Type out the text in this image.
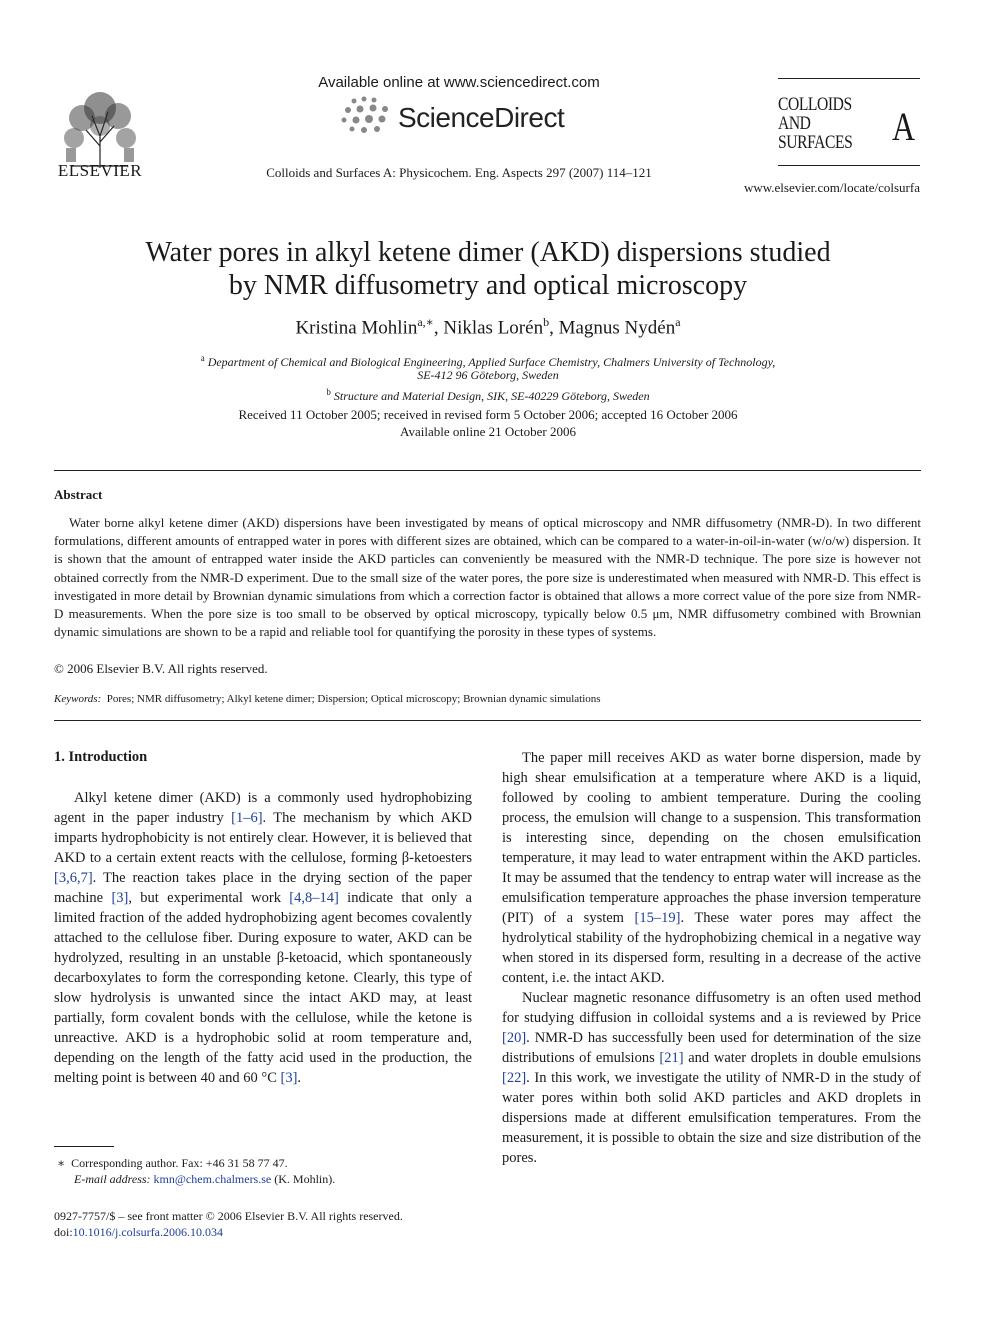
ELSEVIER
Available online at www.sciencedirect.com
ScienceDirect
Colloids and Surfaces A: Physicochem. Eng. Aspects 297 (2007) 114–121
COLLOIDS
AND
SURFACES A
www.elsevier.com/locate/colsurfa
Water pores in alkyl ketene dimer (AKD) dispersions studied
by NMR diffusometry and optical microscopy
Kristina Mohlin$^{a,∗}$, Niklas Lorén$^b$, Magnus Nydén$^a$
$^a$ Department of Chemical and Biological Engineering, Applied Surface Chemistry, Chalmers University of Technology,
SE-412 96 Göteborg, Sweden
$^b$ Structure and Material Design, SIK, SE-40229 Göteborg, Sweden
Received 11 October 2005; received in revised form 5 October 2006; accepted 16 October 2006
Available online 21 October 2006
Abstract
Water borne alkyl ketene dimer (AKD) dispersions have been investigated by means of optical microscopy and NMR diffusometry (NMR-D). In two different formulations, different amounts of entrapped water in pores with different sizes are obtained, which can be compared to a water-in-oil-in-water (w/o/w) dispersion. It is shown that the amount of entrapped water inside the AKD particles can conveniently be measured with the NMR-D technique. The pore size is however not obtained correctly from the NMR-D experiment. Due to the small size of the water pores, the pore size is underestimated when measured with NMR-D. This effect is investigated in more detail by Brownian dynamic simulations from which a correction factor is obtained that allows a more correct value of the pore size from NMR-D measurements. When the pore size is too small to be observed by optical microscopy, typically below 0.5 μm, NMR diffusometry combined with Brownian dynamic simulations are shown to be a rapid and reliable tool for quantifying the porosity in these types of systems.
© 2006 Elsevier B.V. All rights reserved.
Keywords: Pores; NMR diffusometry; Alkyl ketene dimer; Dispersion; Optical microscopy; Brownian dynamic simulations
1. Introduction

Alkyl ketene dimer (AKD) is a commonly used hydrophobizing agent in the paper industry [1–6]. The mechanism by which AKD imparts hydrophobicity is not entirely clear. However, it is believed that AKD to a certain extent reacts with the cellulose, forming β-ketoesters [3,6,7]. The reaction takes place in the drying section of the paper machine [3], but experimental work [4,8–14] indicate that only a limited fraction of the added hydrophobizing agent becomes covalently attached to the cellulose fiber. During exposure to water, AKD can be hydrolyzed, resulting in an unstable β-ketoacid, which spontaneously decarboxylates to form the corresponding ketone. Clearly, this type of slow hydrolysis is unwanted since the intact AKD may, at least partially, form covalent bonds with the cellulose, while the ketone is unreactive. AKD is a hydrophobic solid at room temperature and, depending on the length of the fatty acid used in the production, the melting point is between 40 and 60 °C [3].

The paper mill receives AKD as water borne dispersion, made by high shear emulsification at a temperature where AKD is a liquid, followed by cooling to ambient temperature. During the cooling process, the emulsion will change to a suspension. This transformation is interesting since, depending on the chosen emulsification temperature, it may lead to water entrapment within the AKD particles. It may be assumed that the tendency to entrap water will increase as the emulsification temperature approaches the phase inversion temperature (PIT) of a system [15–19]. These water pores may affect the hydrolytical stability of the hydrophobizing chemical in a negative way when stored in its dispersed form, resulting in a decrease of the active content, i.e. the intact AKD.

Nuclear magnetic resonance diffusometry is an often used method for studying diffusion in colloidal systems and a is reviewed by Price [20]. NMR-D has successfully been used for determination of the size distributions of emulsions [21] and water droplets in double emulsions [22]. In this work, we investigate the utility of NMR-D in the study of water pores within both solid AKD particles and AKD droplets in dispersions made at different emulsification temperatures. From the measurement, it is possible to obtain the size and size distribution of the pores.

∗ Corresponding author. Fax: +46 31 58 77 47.
E-mail address: kmn@chem.chalmers.se (K. Mohlin).
0927-7757/$ – see front matter © 2006 Elsevier B.V. All rights reserved.
doi:10.1016/j.colsurfa.2006.10.034
